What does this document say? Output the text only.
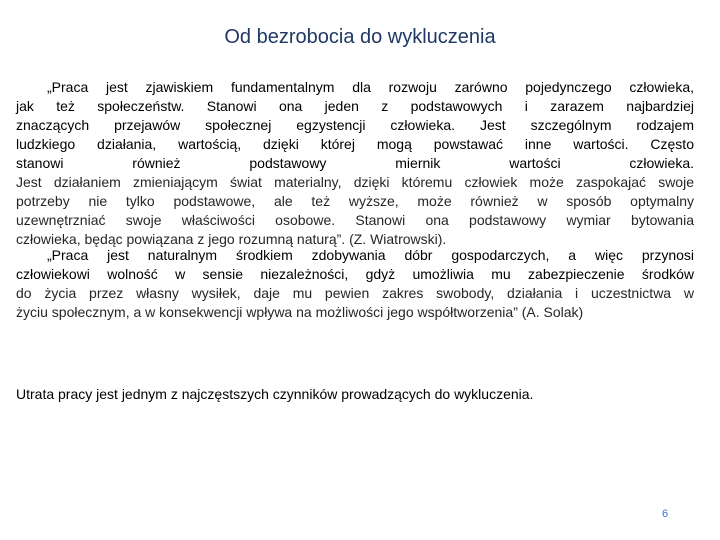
Od bezrobocia do wykluczenia
„Praca jest zjawiskiem fundamentalnym dla rozwoju zarówno pojedynczego człowieka,
jak też społeczeństw. Stanowi ona jeden z podstawowych i zarazem najbardziej
znaczących przejawów społecznej egzystencji człowieka. Jest szczególnym rodzajem
ludzkiego działania, wartością, dzięki której mogą powstawać inne wartości. Często
stanowi również podstawowy miernik wartości człowieka.
Jest działaniem zmieniającym świat materialny, dzięki któremu człowiek może zaspokajać swoje
potrzeby nie tylko podstawowe, ale też wyższe, może również w sposób optymalny
uzewnętrzniać swoje właściwości osobowe. Stanowi ona podstawowy wymiar bytowania
człowieka, będąc powiązana z jego rozumną naturą”. (Z. Wiatrowski).
„Praca jest naturalnym środkiem zdobywania dóbr gospodarczych, a więc przynosi
człowiekowi wolność w sensie niezależności, gdyż umożliwia mu zabezpieczenie środków
do życia przez własny wysiłek, daje mu pewien zakres swobody, działania i uczestnictwa w
życiu społecznym, a w konsekwencji wpływa na możliwości jego współtworzenia” (A. Solak)
Utrata pracy jest jednym z najczęstszych czynników prowadzących do wykluczenia.
6
